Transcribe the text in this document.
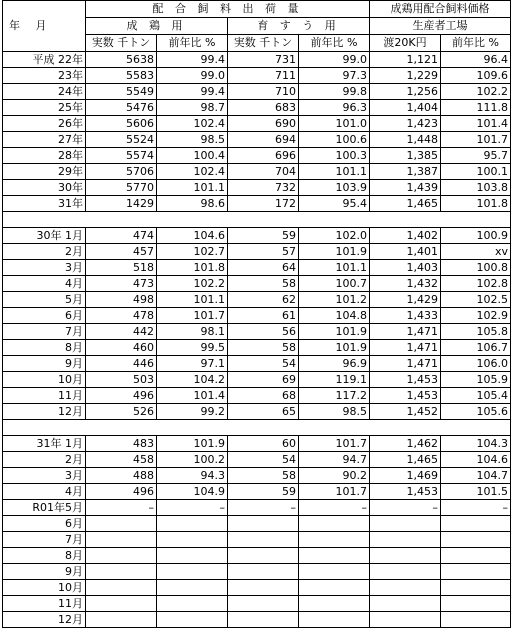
年 月	配 合 飼 料 出 荷 量				成鶏用配合飼料価格	
	成 鶏 用		育 す う 用		生産者工場	
	実数 千トン	前年比 %	実数 千トン	前年比 %	渡20K円	前年比 %
平成 22年	5638	99.4	731	99.0	1,121	96.4
23年	5583	99.0	711	97.3	1,229	109.6
24年	5549	99.4	710	99.8	1,256	102.2
25年	5476	98.7	683	96.3	1,404	111.8
26年	5606	102.4	690	101.0	1,423	101.4
27年	5524	98.5	694	100.6	1,448	101.7
28年	5574	100.4	696	100.3	1,385	95.7
29年	5706	102.4	704	101.1	1,387	100.1
30年	5770	101.1	732	103.9	1,439	103.8
31年	1429	98.6	172	95.4	1,465	101.8

30年 1月	474	104.6	59	102.0	1,402	100.9
2月	457	102.7	57	101.9	1,401	xv
3月	518	101.8	64	101.1	1,403	100.8
4月	473	102.2	58	100.7	1,432	102.8
5月	498	101.1	62	101.2	1,429	102.5
6月	478	101.7	61	104.8	1,433	102.9
7月	442	98.1	56	101.9	1,471	105.8
8月	460	99.5	58	101.9	1,471	106.7
9月	446	97.1	54	96.9	1,471	106.0
10月	503	104.2	69	119.1	1,453	105.9
11月	496	101.4	68	117.2	1,453	105.4
12月	526	99.2	65	98.5	1,452	105.6

31年 1月	483	101.9	60	101.7	1,462	104.3
2月	458	100.2	54	94.7	1,465	104.6
3月	488	94.3	58	90.2	1,469	104.7
4月	496	104.9	59	101.7	1,453	101.5
R01年5月	–	–	–	–	–	–
6月						
7月						
8月						
9月						
10月						
11月						
12月						
